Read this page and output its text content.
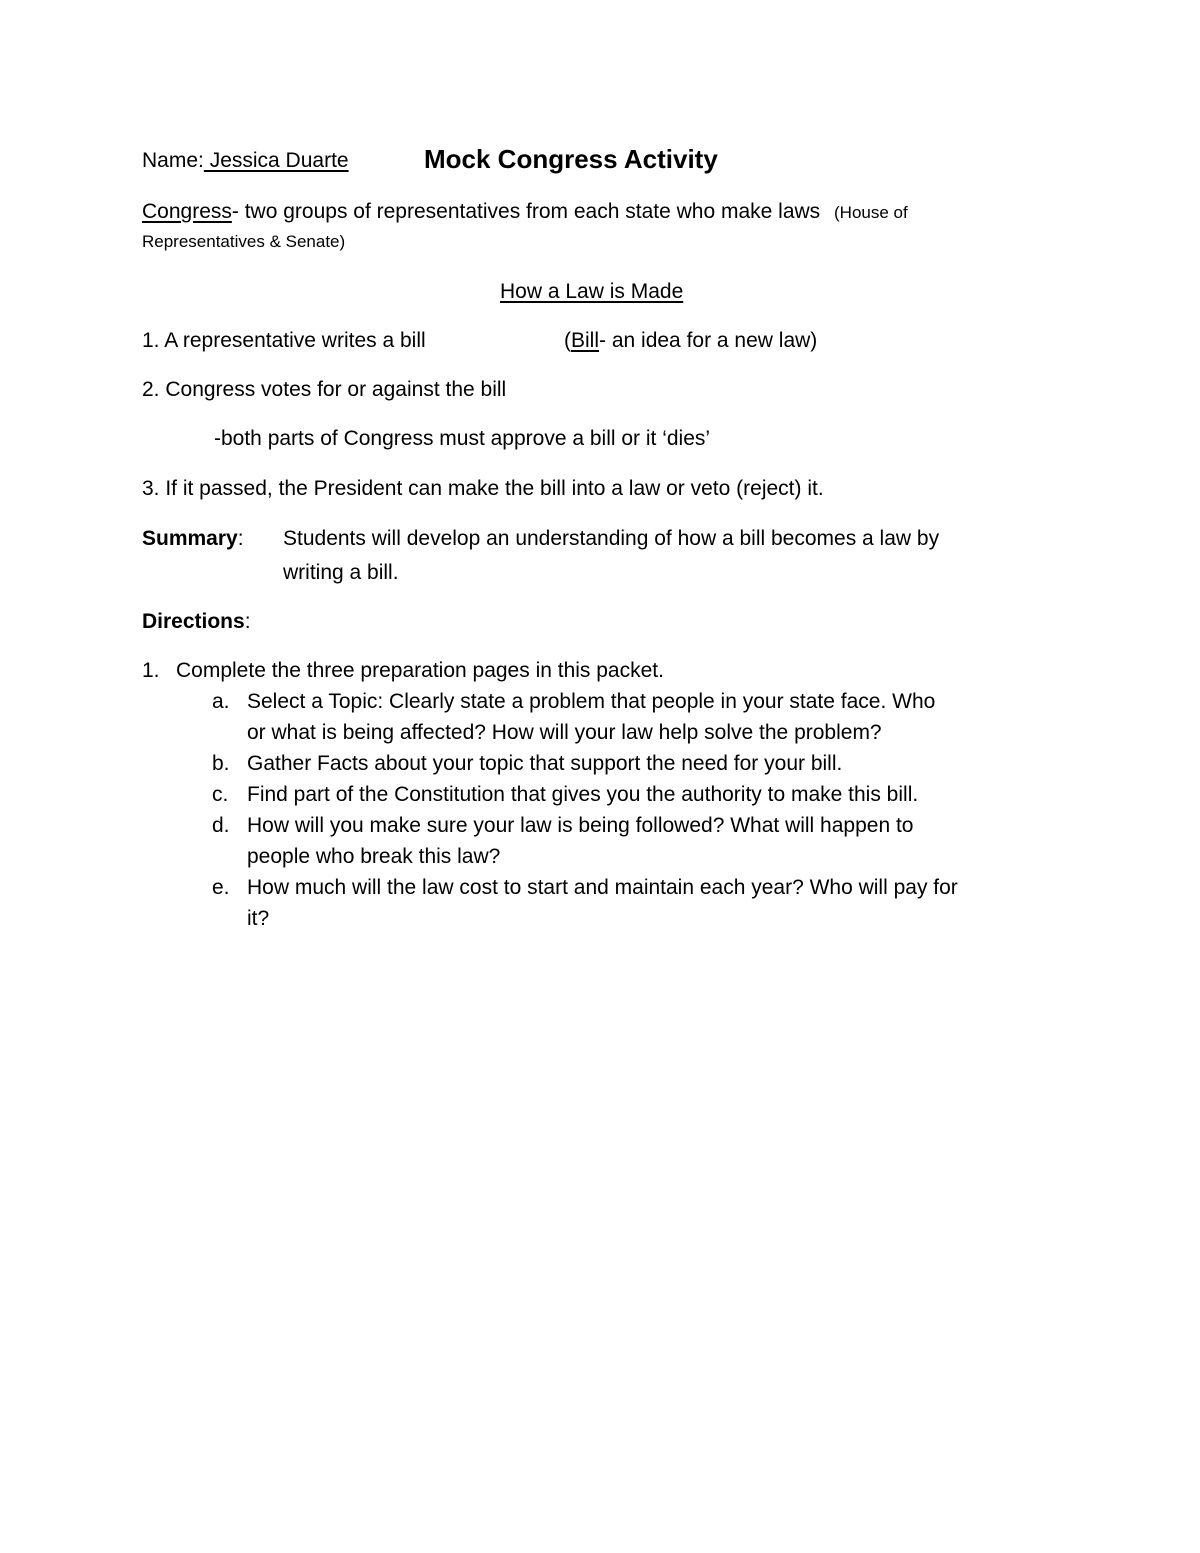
Name: Jessica Duarte	Mock Congress Activity
Congress- two groups of representatives from each state who make laws (House of
Representatives & Senate)
How a Law is Made
1. A representative writes a bill	(Bill- an idea for a new law)
2. Congress votes for or against the bill
-both parts of Congress must approve a bill or it ‘dies’
3. If it passed, the President can make the bill into a law or veto (reject) it.
Summary: Students will develop an understanding of how a bill becomes a law by
writing a bill.
Directions:
1. Complete the three preparation pages in this packet.
a. Select a Topic: Clearly state a problem that people in your state face. Who
or what is being affected? How will your law help solve the problem?
b. Gather Facts about your topic that support the need for your bill.
c. Find part of the Constitution that gives you the authority to make this bill.
d. How will you make sure your law is being followed? What will happen to
people who break this law?
e. How much will the law cost to start and maintain each year? Who will pay for
it?
